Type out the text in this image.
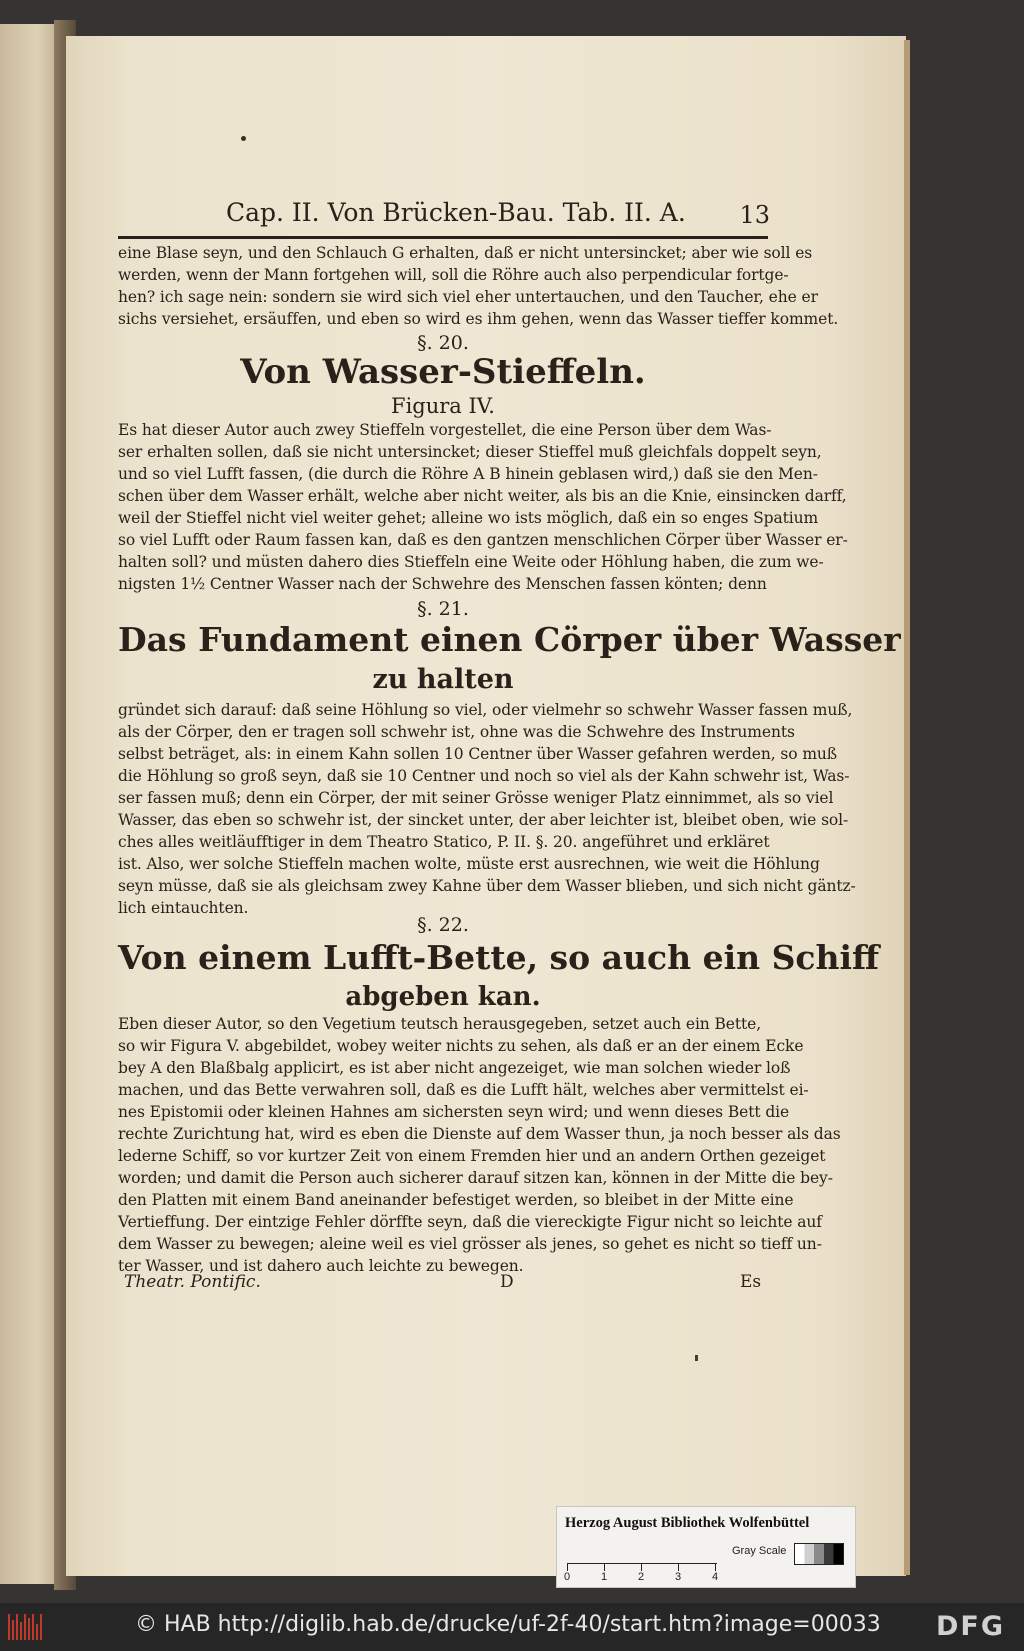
Cap. II. Von Brücken-Bau. Tab. II. A.	13
eine Blase seyn, und den Schlauch G erhalten, daß er nicht untersincket; aber wie soll es
werden, wenn der Mann fortgehen will, soll die Röhre auch also perpendicular fortge-
hen? ich sage nein: sondern sie wird sich viel eher untertauchen, und den Taucher, ehe er
sichs versiehet, ersäuffen, und eben so wird es ihm gehen, wenn das Wasser tieffer kommet.
§. 20.
Von Wasser-Stieffeln.
Figura IV.
Es hat dieser Autor auch zwey Stieffeln vorgestellet, die eine Person über dem Was-
ser erhalten sollen, daß sie nicht untersincket; dieser Stieffel muß gleichfals doppelt seyn,
und so viel Lufft fassen, (die durch die Röhre A B hinein geblasen wird,) daß sie den Men-
schen über dem Wasser erhält, welche aber nicht weiter, als bis an die Knie, einsincken darff,
weil der Stieffel nicht viel weiter gehet; alleine wo ists möglich, daß ein so enges Spatium
so viel Lufft oder Raum fassen kan, daß es den gantzen menschlichen Cörper über Wasser er-
halten soll? und müsten dahero dies Stieffeln eine Weite oder Höhlung haben, die zum we-
nigsten 1½ Centner Wasser nach der Schwehre des Menschen fassen könten; denn
§. 21.
Das Fundament einen Cörper über Wasser
zu halten
gründet sich darauf: daß seine Höhlung so viel, oder vielmehr so schwehr Wasser fassen muß,
als der Cörper, den er tragen soll schwehr ist, ohne was die Schwehre des Instruments
selbst beträget, als: in einem Kahn sollen 10 Centner über Wasser gefahren werden, so muß
die Höhlung so groß seyn, daß sie 10 Centner und noch so viel als der Kahn schwehr ist, Was-
ser fassen muß; denn ein Cörper, der mit seiner Grösse weniger Platz einnimmet, als so viel
Wasser, das eben so schwehr ist, der sincket unter, der aber leichter ist, bleibet oben, wie sol-
ches alles weitläufftiger in dem Theatro Statico, P. II. §. 20. angeführet und erkläret
ist. Also, wer solche Stieffeln machen wolte, müste erst ausrechnen, wie weit die Höhlung
seyn müsse, daß sie als gleichsam zwey Kahne über dem Wasser blieben, und sich nicht gäntz-
lich eintauchten.
§. 22.
Von einem Lufft-Bette, so auch ein Schiff
abgeben kan.
Eben dieser Autor, so den Vegetium teutsch herausgegeben, setzet auch ein Bette,
so wir Figura V. abgebildet, wobey weiter nichts zu sehen, als daß er an der einem Ecke
bey A den Blaßbalg applicirt, es ist aber nicht angezeiget, wie man solchen wieder loß
machen, und das Bette verwahren soll, daß es die Lufft hält, welches aber vermittelst ei-
nes Epistomii oder kleinen Hahnes am sichersten seyn wird; und wenn dieses Bett die
rechte Zurichtung hat, wird es eben die Dienste auf dem Wasser thun, ja noch besser als das
lederne Schiff, so vor kurtzer Zeit von einem Fremden hier und an andern Orthen gezeiget
worden; und damit die Person auch sicherer darauf sitzen kan, können in der Mitte die bey-
den Platten mit einem Band aneinander befestiget werden, so bleibet in der Mitte eine
Vertieffung. Der eintzige Fehler dörffte seyn, daß die viereckigte Figur nicht so leichte auf
dem Wasser zu bewegen; aleine weil es viel grösser als jenes, so gehet es nicht so tieff un-
ter Wasser, und ist dahero auch leichte zu bewegen.
Theatr. Pontific.	D	Es
Herzog August Bibliothek Wolfenbüttel
Gray Scale
0	1	2	3	4
© HAB http://diglib.hab.de/drucke/uf-2f-40/start.htm?image=00033	DFG
